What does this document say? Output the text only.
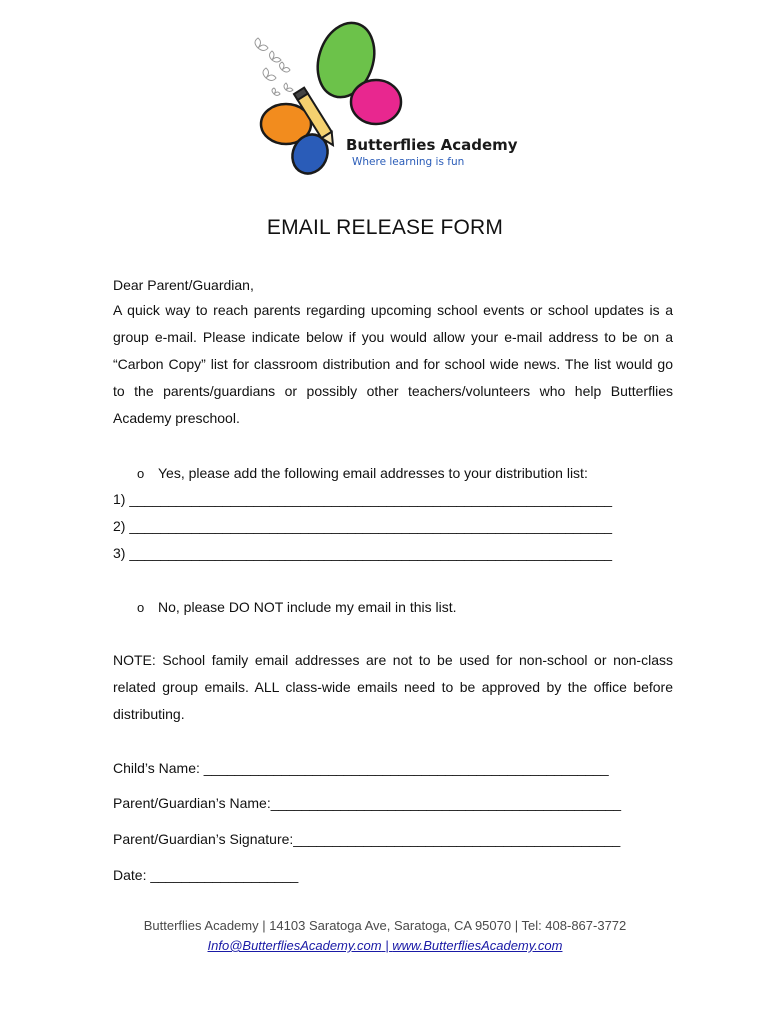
Butterflies Academy
Where learning is fun
EMAIL RELEASE FORM
Dear Parent/Guardian,
A quick way to reach parents regarding upcoming school events or school updates is a group e-mail. Please indicate below if you would allow your e-mail address to be on a “Carbon Copy” list for classroom distribution and for school wide news. The list would go to the parents/guardians or possibly other teachers/volunteers who help Butterflies Academy preschool.
o Yes, please add the following email addresses to your distribution list:
1) ______________________________________________________________
2) ______________________________________________________________
3) ______________________________________________________________
o No, please DO NOT include my email in this list.
NOTE: School family email addresses are not to be used for non-school or non-class related group emails. ALL class-wide emails need to be approved by the office before distributing.
Child’s Name: ____________________________________________________
Parent/Guardian’s Name:_____________________________________________
Parent/Guardian’s Signature:__________________________________________
Date: ___________________
Butterflies Academy | 14103 Saratoga Ave, Saratoga, CA 95070 | Tel: 408-867-3772
Info@ButterfliesAcademy.com | www.ButterfliesAcademy.com
